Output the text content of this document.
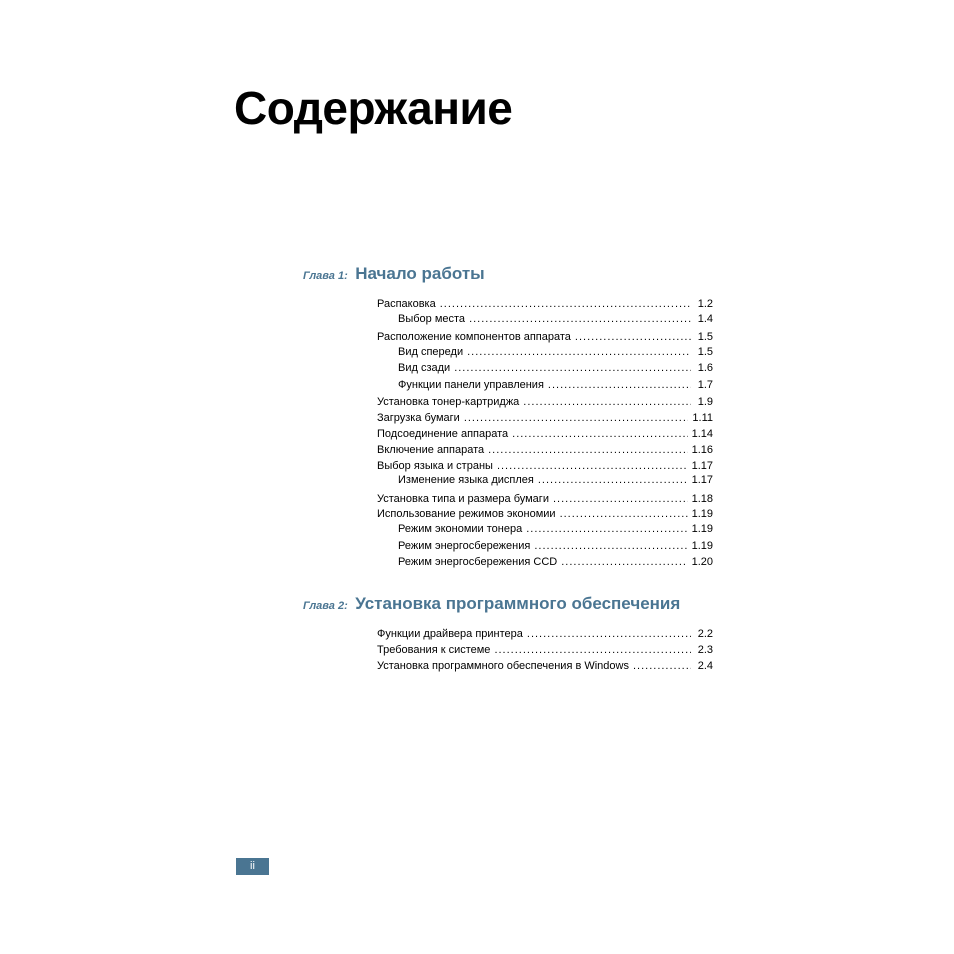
Содержание
Глава 1: Начало работы
Распаковка .....	1.2
Выбор места .....	1.4
Расположение компонентов аппарата .....	1.5
Вид спереди .....	1.5
Вид сзади .....	1.6
Функции панели управления .....	1.7
Установка тонер-картриджа .....	1.9
Загрузка бумаги .....	1.11
Подсоединение аппарата .....	1.14
Включение аппарата .....	1.16
Выбор языка и страны .....	1.17
Изменение языка дисплея .....	1.17
Установка типа и размера бумаги .....	1.18
Использование режимов экономии .....	1.19
Режим экономии тонера .....	1.19
Режим энергосбережения .....	1.19
Режим энергосбережения CCD .....	1.20
Глава 2: Установка программного обеспечения
Функции драйвера принтера .....	2.2
Требования к системе .....	2.3
Установка программного обеспечения в Windows .....	2.4
ii
